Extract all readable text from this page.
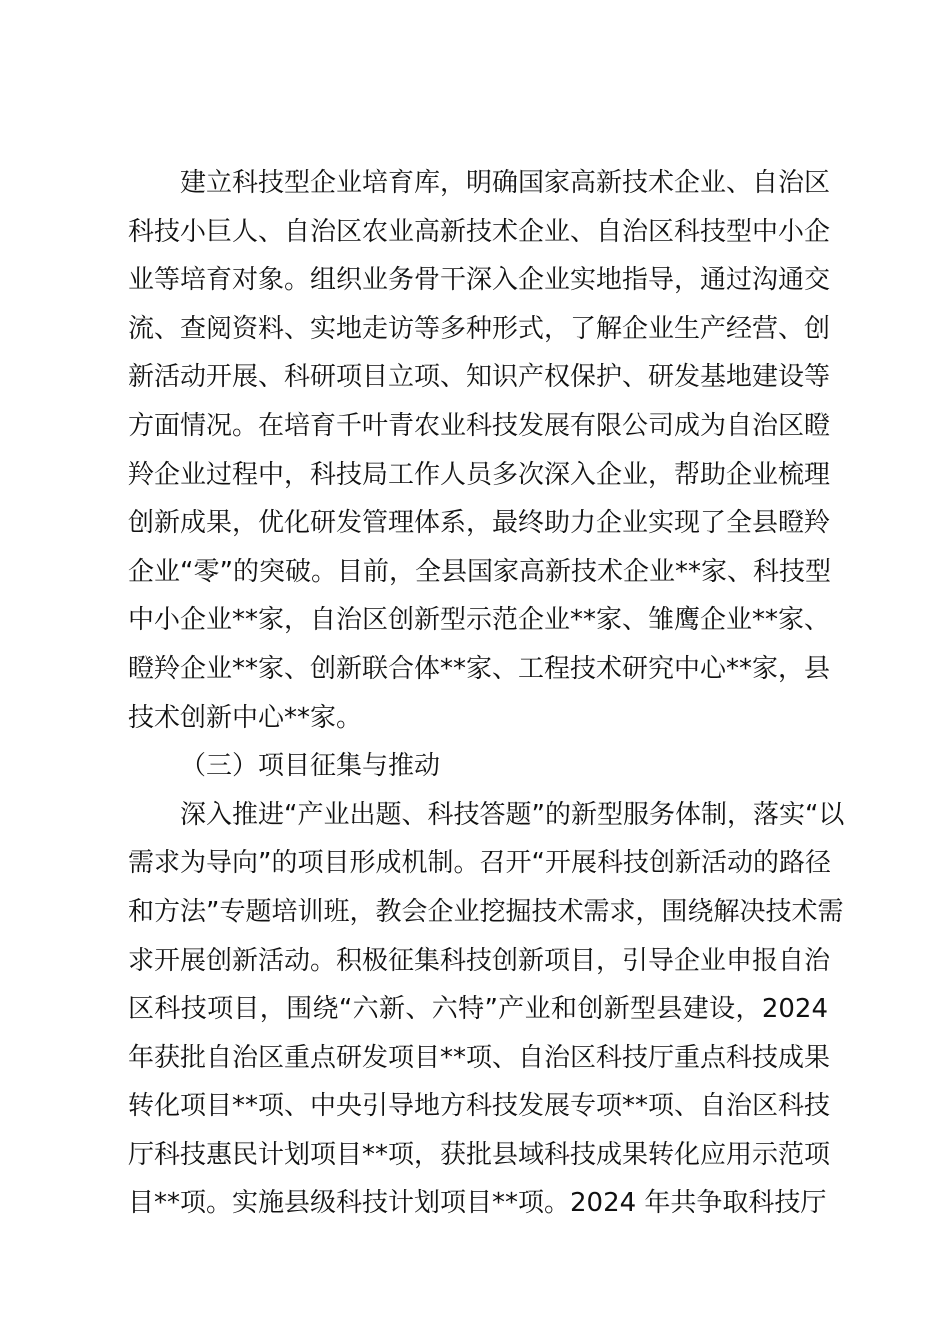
建立科技型企业培育库，明确国家高新技术企业、自治区
科技小巨人、自治区农业高新技术企业、自治区科技型中小企
业等培育对象。组织业务骨干深入企业实地指导，通过沟通交
流、查阅资料、实地走访等多种形式，了解企业生产经营、创
新活动开展、科研项目立项、知识产权保护、研发基地建设等
方面情况。在培育千叶青农业科技发展有限公司成为自治区瞪
羚企业过程中，科技局工作人员多次深入企业，帮助企业梳理
创新成果，优化研发管理体系，最终助力企业实现了全县瞪羚
企业“零”的突破。目前，全县国家高新技术企业**家、科技型
中小企业**家，自治区创新型示范企业**家、雏鹰企业**家、
瞪羚企业**家、创新联合体**家、工程技术研究中心**家，县
技术创新中心**家。
（三）项目征集与推动
深入推进“产业出题、科技答题”的新型服务体制，落实“以
需求为导向”的项目形成机制。召开“开展科技创新活动的路径
和方法”专题培训班，教会企业挖掘技术需求，围绕解决技术需
求开展创新活动。积极征集科技创新项目，引导企业申报自治
区科技项目，围绕“六新、六特”产业和创新型县建设，2024
年获批自治区重点研发项目**项、自治区科技厅重点科技成果
转化项目**项、中央引导地方科技发展专项**项、自治区科技
厅科技惠民计划项目**项，获批县域科技成果转化应用示范项
目**项。实施县级科技计划项目**项。2024 年共争取科技厅
